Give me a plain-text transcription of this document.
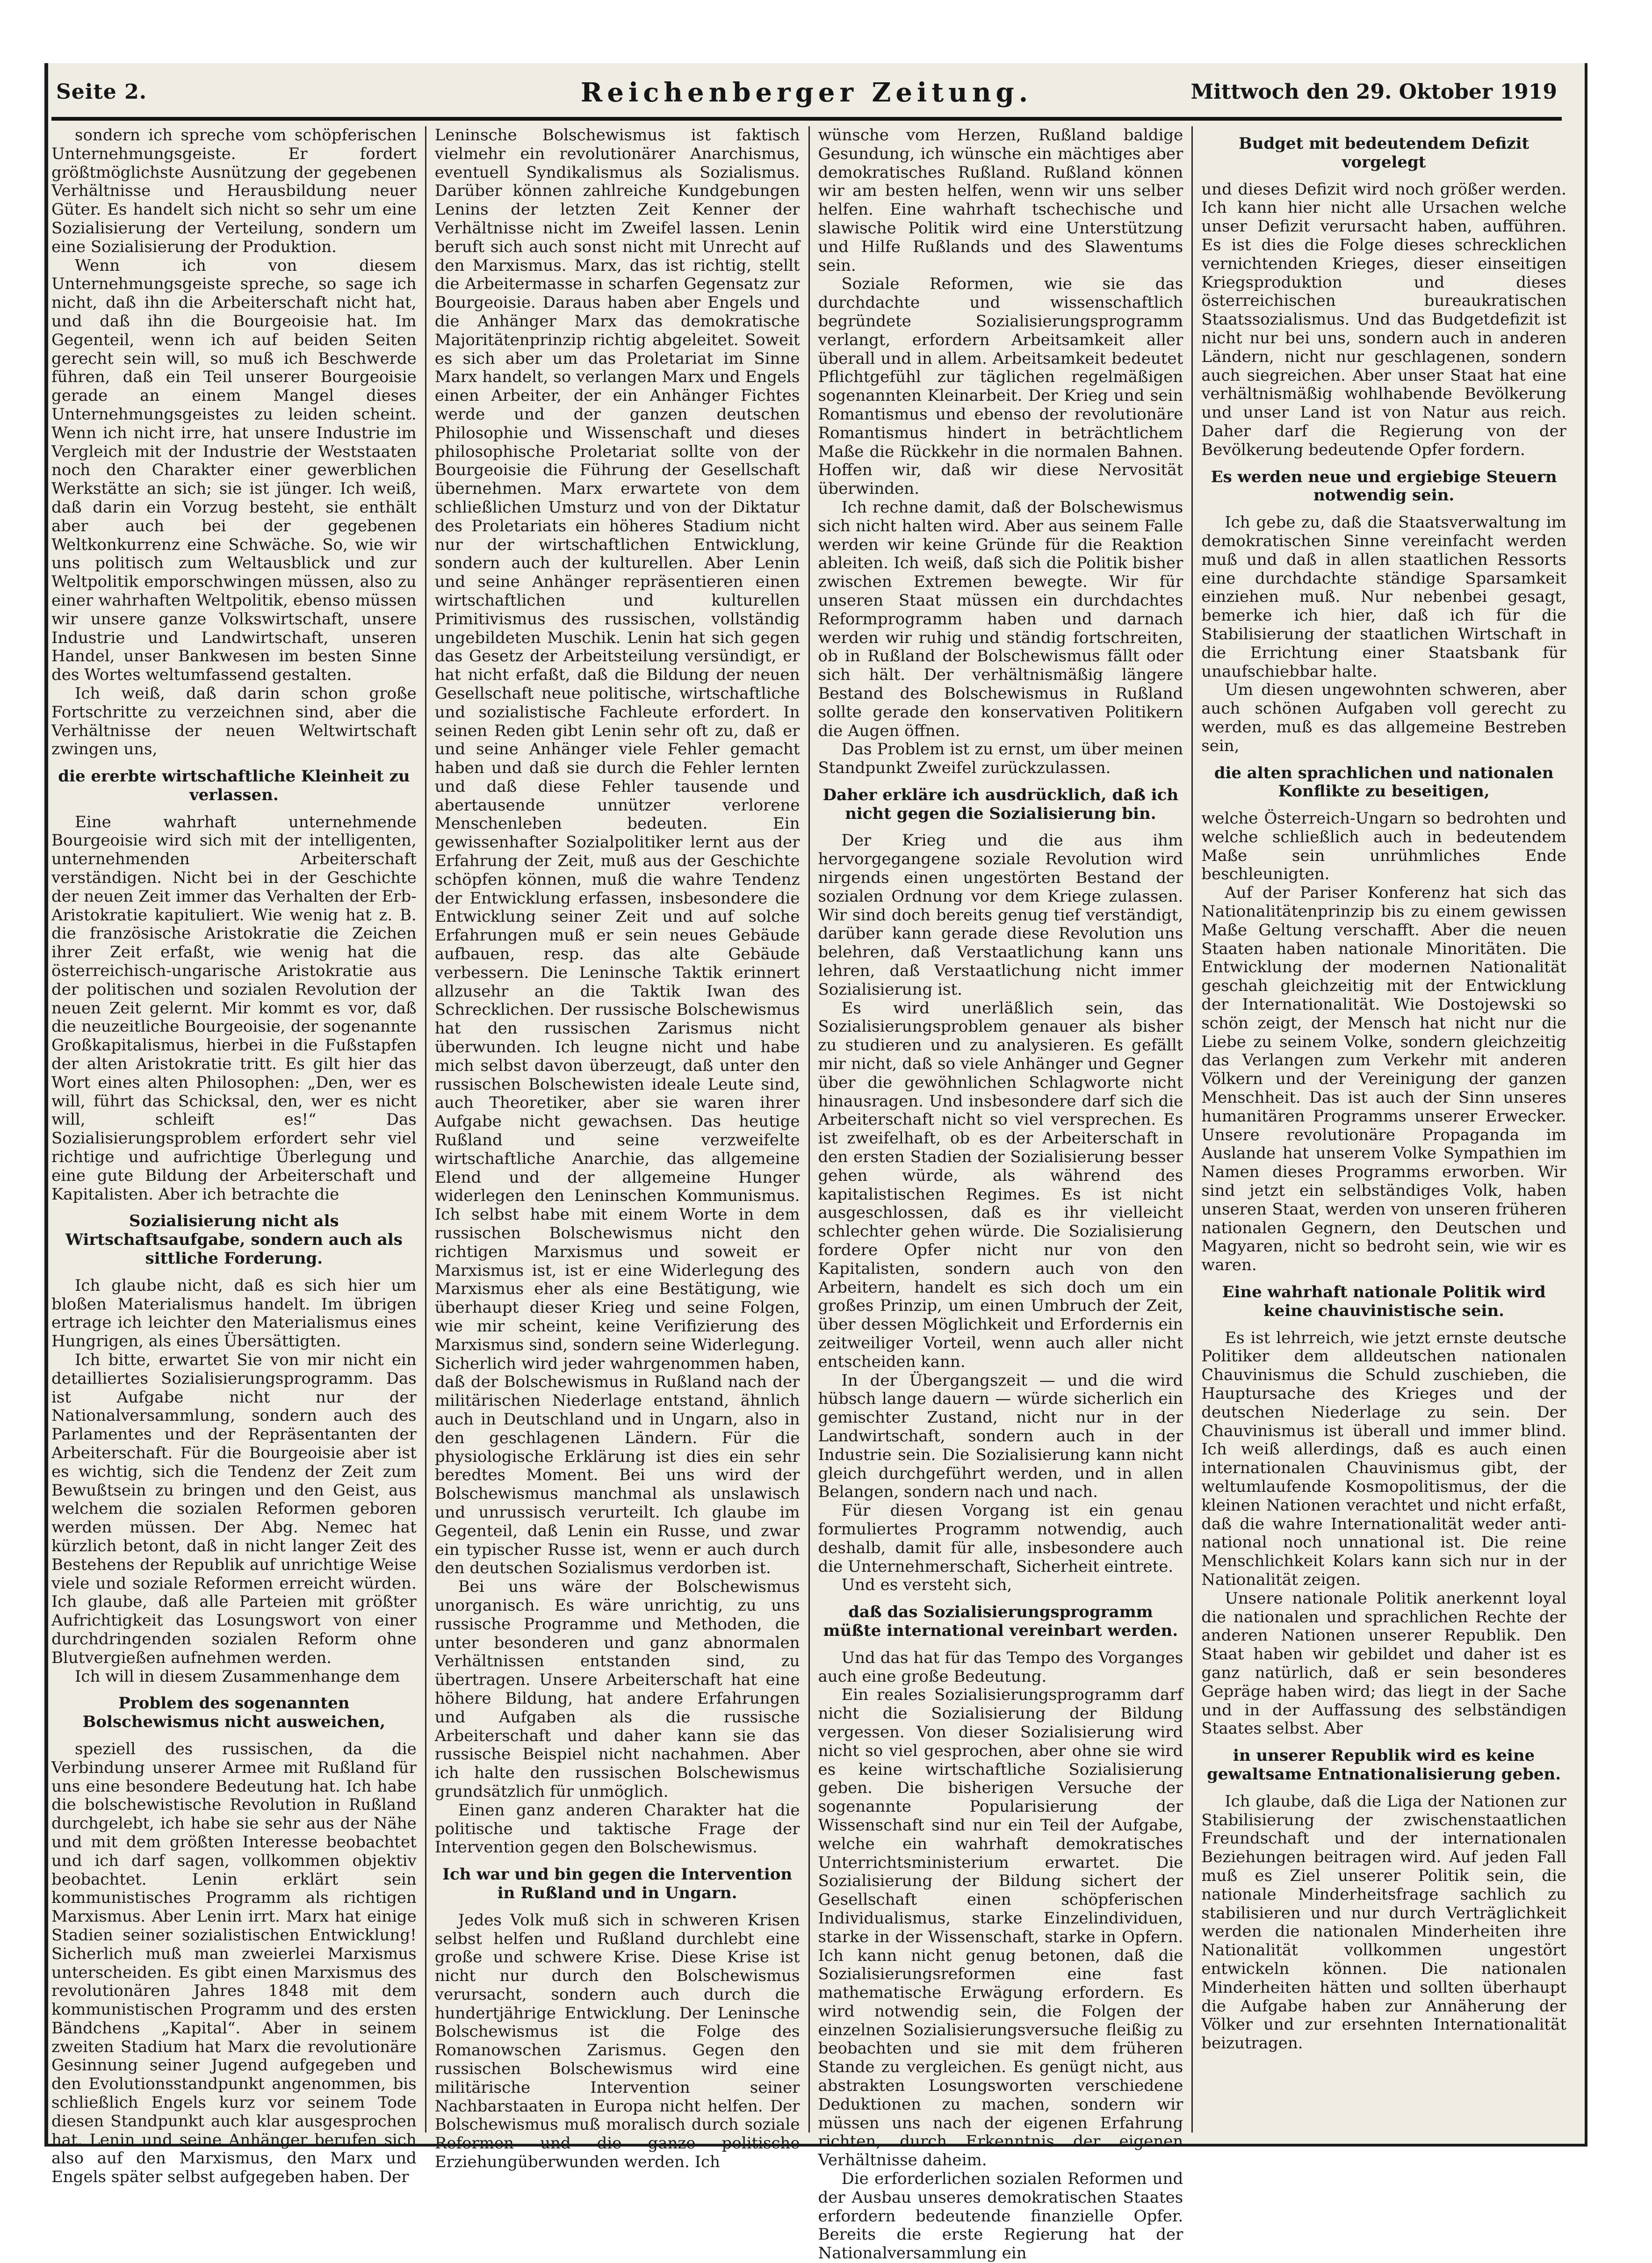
Seite 2.	Reichenberger Zeitung.	Mittwoch den 29. Oktober 1919

sondern ich spreche vom schöpferischen Unternehmungsgeiste. Er fordert größtmöglichste Ausnützung der gegebenen Verhältnisse und Herausbildung neuer Güter. Es handelt sich nicht so sehr um eine Sozialisierung der Verteilung, sondern um eine Sozialisierung der Produktion.

Wenn ich von diesem Unternehmungsgeiste spreche, so sage ich nicht, daß ihn die Arbeiterschaft nicht hat, und daß ihn die Bourgeoisie hat. Im Gegenteil, wenn ich auf beiden Seiten gerecht sein will, so muß ich Beschwerde führen, daß ein Teil unserer Bourgeoisie gerade an einem Mangel dieses Unternehmungsgeistes zu leiden scheint. Wenn ich nicht irre, hat unsere Industrie im Vergleich mit der Industrie der Weststaaten noch den Charakter einer gewerblichen Werkstätte an sich; sie ist jünger. Ich weiß, daß darin ein Vorzug besteht, sie enthält aber auch bei der gegebenen Weltkonkurrenz eine Schwäche. So, wie wir uns politisch zum Weltausblick und zur Weltpolitik emporschwingen müssen, also zu einer wahrhaften Weltpolitik, ebenso müssen wir unsere ganze Volkswirtschaft, unsere Industrie und Landwirtschaft, unseren Handel, unser Bankwesen im besten Sinne des Wortes weltumfassend gestalten.

Ich weiß, daß darin schon große Fortschritte zu verzeichnen sind, aber die Verhältnisse der neuen Weltwirtschaft zwingen uns,

die ererbte wirtschaftliche Kleinheit zu verlassen.

Eine wahrhaft unternehmende Bourgeoisie wird sich mit der intelligenten, unternehmenden Arbeiterschaft verständigen. Nicht bei in der Geschichte der neuen Zeit immer das Verhalten der Erb-Aristokratie kapituliert. Wie wenig hat z. B. die französische Aristokratie die Zeichen ihrer Zeit erfaßt, wie wenig hat die österreichisch-ungarische Aristokratie aus der politischen und sozialen Revolution der neuen Zeit gelernt. Mir kommt es vor, daß die neuzeitliche Bourgeoisie, der sogenannte Großkapitalismus, hierbei in die Fußstapfen der alten Aristokratie tritt. Es gilt hier das Wort eines alten Philosophen: „Den, wer es will, führt das Schicksal, den, wer es nicht will, schleift es!“ Das Sozialisierungsproblem erfordert sehr viel richtige und aufrichtige Überlegung und eine gute Bildung der Arbeiterschaft und Kapitalisten. Aber ich betrachte die

Sozialisierung nicht als Wirtschaftsaufgabe, sondern auch als sittliche Forderung.

Ich glaube nicht, daß es sich hier um bloßen Materialismus handelt. Im übrigen ertrage ich leichter den Materialismus eines Hungrigen, als eines Übersättigten.

Ich bitte, erwartet Sie von mir nicht ein detailliertes Sozialisierungsprogramm. Das ist Aufgabe nicht nur der Nationalversammlung, sondern auch des Parlamentes und der Repräsentanten der Arbeiterschaft. Für die Bourgeoisie aber ist es wichtig, sich die Tendenz der Zeit zum Bewußtsein zu bringen und den Geist, aus welchem die sozialen Reformen geboren werden müssen. Der Abg. Nemec hat kürzlich betont, daß in nicht langer Zeit des Bestehens der Republik auf unrichtige Weise viele und soziale Reformen erreicht würden. Ich glaube, daß alle Parteien mit größter Aufrichtigkeit das Losungswort von einer durchdringenden sozialen Reform ohne Blutvergießen aufnehmen werden.

Ich will in diesem Zusammenhange dem

Problem des sogenannten Bolschewismus nicht ausweichen,

speziell des russischen, da die Verbindung unserer Armee mit Rußland für uns eine besondere Bedeutung hat. Ich habe die bolschewistische Revolution in Rußland durchgelebt, ich habe sie sehr aus der Nähe und mit dem größten Interesse beobachtet und ich darf sagen, vollkommen objektiv beobachtet. Lenin erklärt sein kommunistisches Programm als richtigen Marxismus. Aber Lenin irrt. Marx hat einige Stadien seiner sozialistischen Entwicklung! Sicherlich muß man zweierlei Marxismus unterscheiden. Es gibt einen Marxismus des revolutionären Jahres 1848 mit dem kommunistischen Programm und des ersten Bändchens „Kapital“. Aber in seinem zweiten Stadium hat Marx die revolutionäre Gesinnung seiner Jugend aufgegeben und den Evolutionsstandpunkt angenommen, bis schließlich Engels kurz vor seinem Tode diesen Standpunkt auch klar ausgesprochen hat. Lenin und seine Anhänger berufen sich also auf den Marxismus, den Marx und Engels später selbst aufgegeben haben. Der

Leninsche Bolschewismus ist faktisch vielmehr ein revolutionärer Anarchismus, eventuell Syndikalismus als Sozialismus. Darüber können zahlreiche Kundgebungen Lenins der letzten Zeit Kenner der Verhältnisse nicht im Zweifel lassen. Lenin beruft sich auch sonst nicht mit Unrecht auf den Marxismus. Marx, das ist richtig, stellt die Arbeitermasse in scharfen Gegensatz zur Bourgeoisie. Daraus haben aber Engels und die Anhänger Marx das demokratische Majoritätenprinzip richtig abgeleitet. Soweit es sich aber um das Proletariat im Sinne Marx handelt, so verlangen Marx und Engels einen Arbeiter, der ein Anhänger Fichtes werde und der ganzen deutschen Philosophie und Wissenschaft und dieses philosophische Proletariat sollte von der Bourgeoisie die Führung der Gesellschaft übernehmen. Marx erwartete von dem schließlichen Umsturz und von der Diktatur des Proletariats ein höheres Stadium nicht nur der wirtschaftlichen Entwicklung, sondern auch der kulturellen. Aber Lenin und seine Anhänger repräsentieren einen wirtschaftlichen und kulturellen Primitivismus des russischen, vollständig ungebildeten Muschik. Lenin hat sich gegen das Gesetz der Arbeitsteilung versündigt, er hat nicht erfaßt, daß die Bildung der neuen Gesellschaft neue politische, wirtschaftliche und sozialistische Fachleute erfordert. In seinen Reden gibt Lenin sehr oft zu, daß er und seine Anhänger viele Fehler gemacht haben und daß sie durch die Fehler lernten und daß diese Fehler tausende und abertausende unnützer verlorene Menschenleben bedeuten. Ein gewissenhafter Sozialpolitiker lernt aus der Erfahrung der Zeit, muß aus der Geschichte schöpfen können, muß die wahre Tendenz der Entwicklung erfassen, insbesondere die Entwicklung seiner Zeit und auf solche Erfahrungen muß er sein neues Gebäude aufbauen, resp. das alte Gebäude verbessern. Die Leninsche Taktik erinnert allzusehr an die Taktik Iwan des Schrecklichen. Der russische Bolschewismus hat den russischen Zarismus nicht überwunden. Ich leugne nicht und habe mich selbst davon überzeugt, daß unter den russischen Bolschewisten ideale Leute sind, auch Theoretiker, aber sie waren ihrer Aufgabe nicht gewachsen. Das heutige Rußland und seine verzweifelte wirtschaftliche Anarchie, das allgemeine Elend und der allgemeine Hunger widerlegen den Leninschen Kommunismus. Ich selbst habe mit einem Worte in dem russischen Bolschewismus nicht den richtigen Marxismus und soweit er Marxismus ist, ist er eine Widerlegung des Marxismus eher als eine Bestätigung, wie überhaupt dieser Krieg und seine Folgen, wie mir scheint, keine Verifizierung des Marxismus sind, sondern seine Widerlegung. Sicherlich wird jeder wahrgenommen haben, daß der Bolschewismus in Rußland nach der militärischen Niederlage entstand, ähnlich auch in Deutschland und in Ungarn, also in den geschlagenen Ländern. Für die physiologische Erklärung ist dies ein sehr beredtes Moment. Bei uns wird der Bolschewismus manchmal als unslawisch und unrussisch verurteilt. Ich glaube im Gegenteil, daß Lenin ein Russe, und zwar ein typischer Russe ist, wenn er auch durch den deutschen Sozialismus verdorben ist.

Bei uns wäre der Bolschewismus unorganisch. Es wäre unrichtig, zu uns russische Programme und Methoden, die unter besonderen und ganz abnormalen Verhältnissen entstanden sind, zu übertragen. Unsere Arbeiterschaft hat eine höhere Bildung, hat andere Erfahrungen und Aufgaben als die russische Arbeiterschaft und daher kann sie das russische Beispiel nicht nachahmen. Aber ich halte den russischen Bolschewismus grundsätzlich für unmöglich.

Einen ganz anderen Charakter hat die politische und taktische Frage der Intervention gegen den Bolschewismus.

Ich war und bin gegen die Intervention in Rußland und in Ungarn.

Jedes Volk muß sich in schweren Krisen selbst helfen und Rußland durchlebt eine große und schwere Krise. Diese Krise ist nicht nur durch den Bolschewismus verursacht, sondern auch durch die hundertjährige Entwicklung. Der Leninsche Bolschewismus ist die Folge des Romanowschen Zarismus. Gegen den russischen Bolschewismus wird eine militärische Intervention seiner Nachbarstaaten in Europa nicht helfen. Der Bolschewismus muß moralisch durch soziale Reformen und die ganze politische Erziehungüberwunden werden. Ich

wünsche vom Herzen, Rußland baldige Gesundung, ich wünsche ein mächtiges aber demokratisches Rußland. Rußland können wir am besten helfen, wenn wir uns selber helfen. Eine wahrhaft tschechische und slawische Politik wird eine Unterstützung und Hilfe Rußlands und des Slawentums sein.

Soziale Reformen, wie sie das durchdachte und wissenschaftlich begründete Sozialisierungsprogramm verlangt, erfordern Arbeitsamkeit aller überall und in allem. Arbeitsamkeit bedeutet Pflichtgefühl zur täglichen regelmäßigen sogenannten Kleinarbeit. Der Krieg und sein Romantismus und ebenso der revolutionäre Romantismus hindert in beträchtlichem Maße die Rückkehr in die normalen Bahnen. Hoffen wir, daß wir diese Nervosität überwinden.

Ich rechne damit, daß der Bolschewismus sich nicht halten wird. Aber aus seinem Falle werden wir keine Gründe für die Reaktion ableiten. Ich weiß, daß sich die Politik bisher zwischen Extremen bewegte. Wir für unseren Staat müssen ein durchdachtes Reformprogramm haben und darnach werden wir ruhig und ständig fortschreiten, ob in Rußland der Bolschewismus fällt oder sich hält. Der verhältnismäßig längere Bestand des Bolschewismus in Rußland sollte gerade den konservativen Politikern die Augen öffnen.

Das Problem ist zu ernst, um über meinen Standpunkt Zweifel zurückzulassen.

Daher erkläre ich ausdrücklich, daß ich nicht gegen die Sozialisierung bin.

Der Krieg und die aus ihm hervorgegangene soziale Revolution wird nirgends einen ungestörten Bestand der sozialen Ordnung vor dem Kriege zulassen. Wir sind doch bereits genug tief verständigt, darüber kann gerade diese Revolution uns belehren, daß Verstaatlichung kann uns lehren, daß Verstaatlichung nicht immer Sozialisierung ist.

Es wird unerläßlich sein, das Sozialisierungsproblem genauer als bisher zu studieren und zu analysieren. Es gefällt mir nicht, daß so viele Anhänger und Gegner über die gewöhnlichen Schlagworte nicht hinausragen. Und insbesondere darf sich die Arbeiterschaft nicht so viel versprechen. Es ist zweifelhaft, ob es der Arbeiterschaft in den ersten Stadien der Sozialisierung besser gehen würde, als während des kapitalistischen Regimes. Es ist nicht ausgeschlossen, daß es ihr vielleicht schlechter gehen würde. Die Sozialisierung fordere Opfer nicht nur von den Kapitalisten, sondern auch von den Arbeitern, handelt es sich doch um ein großes Prinzip, um einen Umbruch der Zeit, über dessen Möglichkeit und Erfordernis ein zeitweiliger Vorteil, wenn auch aller nicht entscheiden kann.

In der Übergangszeit — und die wird hübsch lange dauern — würde sicherlich ein gemischter Zustand, nicht nur in der Landwirtschaft, sondern auch in der Industrie sein. Die Sozialisierung kann nicht gleich durchgeführt werden, und in allen Belangen, sondern nach und nach.

Für diesen Vorgang ist ein genau formuliertes Programm notwendig, auch deshalb, damit für alle, insbesondere auch die Unternehmerschaft, Sicherheit eintrete.

Und es versteht sich,

daß das Sozialisierungsprogramm müßte international vereinbart werden.

Und das hat für das Tempo des Vorganges auch eine große Bedeutung.

Ein reales Sozialisierungsprogramm darf nicht die Sozialisierung der Bildung vergessen. Von dieser Sozialisierung wird nicht so viel gesprochen, aber ohne sie wird es keine wirtschaftliche Sozialisierung geben. Die bisherigen Versuche der sogenannte Popularisierung der Wissenschaft sind nur ein Teil der Aufgabe, welche ein wahrhaft demokratisches Unterrichtsministerium erwartet. Die Sozialisierung der Bildung sichert der Gesellschaft einen schöpferischen Individualismus, starke Einzelindividuen, starke in der Wissenschaft, starke in Opfern. Ich kann nicht genug betonen, daß die Sozialisierungsreformen eine fast mathematische Erwägung erfordern. Es wird notwendig sein, die Folgen der einzelnen Sozialisierungsversuche fleißig zu beobachten und sie mit dem früheren Stande zu vergleichen. Es genügt nicht, aus abstrakten Losungsworten verschiedene Deduktionen zu machen, sondern wir müssen uns nach der eigenen Erfahrung richten, durch Erkenntnis der eigenen Verhältnisse daheim.

Die erforderlichen sozialen Reformen und der Ausbau unseres demokratischen Staates erfordern bedeutende finanzielle Opfer. Bereits die erste Regierung hat der Nationalversammlung ein

Budget mit bedeutendem Defizit vorgelegt

und dieses Defizit wird noch größer werden. Ich kann hier nicht alle Ursachen welche unser Defizit verursacht haben, aufführen. Es ist dies die Folge dieses schrecklichen vernichtenden Krieges, dieser einseitigen Kriegsproduktion und dieses österreichischen bureaukratischen Staatssozialismus. Und das Budgetdefizit ist nicht nur bei uns, sondern auch in anderen Ländern, nicht nur geschlagenen, sondern auch siegreichen. Aber unser Staat hat eine verhältnismäßig wohlhabende Bevölkerung und unser Land ist von Natur aus reich. Daher darf die Regierung von der Bevölkerung bedeutende Opfer fordern.

Es werden neue und ergiebige Steuern notwendig sein.

Ich gebe zu, daß die Staatsverwaltung im demokratischen Sinne vereinfacht werden muß und daß in allen staatlichen Ressorts eine durchdachte ständige Sparsamkeit einziehen muß. Nur nebenbei gesagt, bemerke ich hier, daß ich für die Stabilisierung der staatlichen Wirtschaft in die Errichtung einer Staatsbank für unaufschiebbar halte.

Um diesen ungewohnten schweren, aber auch schönen Aufgaben voll gerecht zu werden, muß es das allgemeine Bestreben sein,

die alten sprachlichen und nationalen Konflikte zu beseitigen,

welche Österreich-Ungarn so bedrohten und welche schließlich auch in bedeutendem Maße sein unrühmliches Ende beschleunigten.

Auf der Pariser Konferenz hat sich das Nationalitätenprinzip bis zu einem gewissen Maße Geltung verschafft. Aber die neuen Staaten haben nationale Minoritäten. Die Entwicklung der modernen Nationalität geschah gleichzeitig mit der Entwicklung der Internationalität. Wie Dostojewski so schön zeigt, der Mensch hat nicht nur die Liebe zu seinem Volke, sondern gleichzeitig das Verlangen zum Verkehr mit anderen Völkern und der Vereinigung der ganzen Menschheit. Das ist auch der Sinn unseres humanitären Programms unserer Erwecker. Unsere revolutionäre Propaganda im Auslande hat unserem Volke Sympathien im Namen dieses Programms erworben. Wir sind jetzt ein selbständiges Volk, haben unseren Staat, werden von unseren früheren nationalen Gegnern, den Deutschen und Magyaren, nicht so bedroht sein, wie wir es waren.

Eine wahrhaft nationale Politik wird keine chauvinistische sein.

Es ist lehrreich, wie jetzt ernste deutsche Politiker dem alldeutschen nationalen Chauvinismus die Schuld zuschieben, die Hauptursache des Krieges und der deutschen Niederlage zu sein. Der Chauvinismus ist überall und immer blind. Ich weiß allerdings, daß es auch einen internationalen Chauvinismus gibt, der weltumlaufende Kosmopolitismus, der die kleinen Nationen verachtet und nicht erfaßt, daß die wahre Internationalität weder anti-national noch unnational ist. Die reine Menschlichkeit Kolars kann sich nur in der Nationalität zeigen.

Unsere nationale Politik anerkennt loyal die nationalen und sprachlichen Rechte der anderen Nationen unserer Republik. Den Staat haben wir gebildet und daher ist es ganz natürlich, daß er sein besonderes Gepräge haben wird; das liegt in der Sache und in der Auffassung des selbständigen Staates selbst. Aber

in unserer Republik wird es keine gewaltsame Entnationalisierung geben.

Ich glaube, daß die Liga der Nationen zur Stabilisierung der zwischenstaatlichen Freundschaft und der internationalen Beziehungen beitragen wird. Auf jeden Fall muß es Ziel unserer Politik sein, die nationale Minderheitsfrage sachlich zu stabilisieren und nur durch Verträglichkeit werden die nationalen Minderheiten ihre Nationalität vollkommen ungestört entwickeln können. Die nationalen Minderheiten hätten und sollten überhaupt die Aufgabe haben zur Annäherung der Völker und zur ersehnten Internationalität beizutragen.
